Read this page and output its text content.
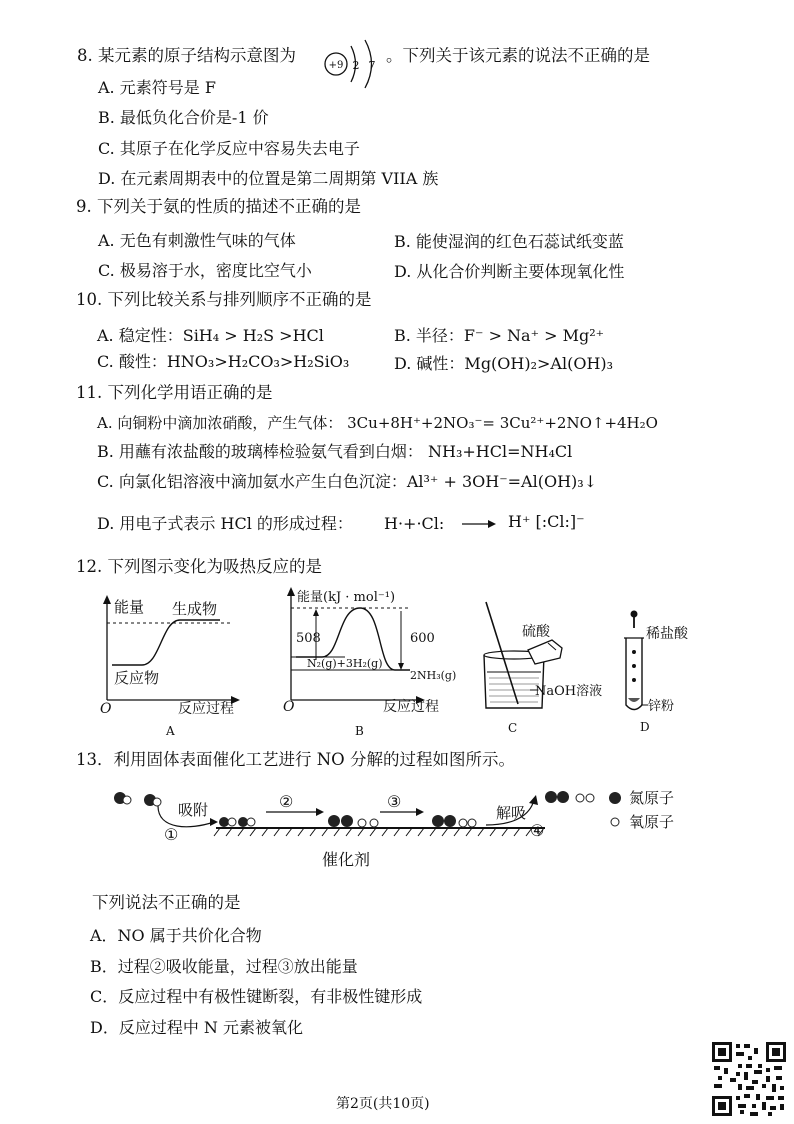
8. 某元素的原子结构示意图为
+9 2 7
。下列关于该元素的说法不正确的是
A. 元素符号是 F
B. 最低负化合价是-1 价
C. 其原子在化学反应中容易失去电子
D. 在元素周期表中的位置是第二周期第 VIIA 族
9. 下列关于氨的性质的描述不正确的是
A. 无色有刺激性气味的气体	B. 能使湿润的红色石蕊试纸变蓝
C. 极易溶于水，密度比空气小	D. 从化合价判断主要体现氧化性
10. 下列比较关系与排列顺序不正确的是
A. 稳定性：SiH₄ > H₂S >HCl	B. 半径：F⁻ > Na⁺ > Mg²⁺
C. 酸性：HNO₃>H₂CO₃>H₂SiO₃	D. 碱性：Mg(OH)₂>Al(OH)₃
11. 下列化学用语正确的是
A. 向铜粉中滴加浓硝酸，产生气体： 3Cu+8H⁺+2NO₃⁻= 3Cu²⁺+2NO↑+4H₂O
B. 用蘸有浓盐酸的玻璃棒检验氨气看到白烟： NH₃+HCl=NH₄Cl
C. 向氯化铝溶液中滴加氨水产生白色沉淀：Al³⁺ + 3OH⁻=Al(OH)₃↓
D. 用电子式表示 HCl 的形成过程： H·+·Cl:	H⁺ [:Cl:]⁻
12. 下列图示变化为吸热反应的是
能量 生成物
反应物
O	反应过程
A
能量(kJ · mol⁻¹)
508	600
N₂(g)+3H₂(g)
2NH₃(g)
O	反应过程
B
硫酸
NaOH溶液
C
稀盐酸
锌粉
D
13．利用固体表面催化工艺进行 NO 分解的过程如图所示。
吸附
①
②	③
解吸
④
氮原子
氧原子
催化剂
下列说法不正确的是
A．NO 属于共价化合物
B．过程②吸收能量，过程③放出能量
C．反应过程中有极性键断裂，有非极性键形成
D．反应过程中 N 元素被氧化
第2页(共10页)
